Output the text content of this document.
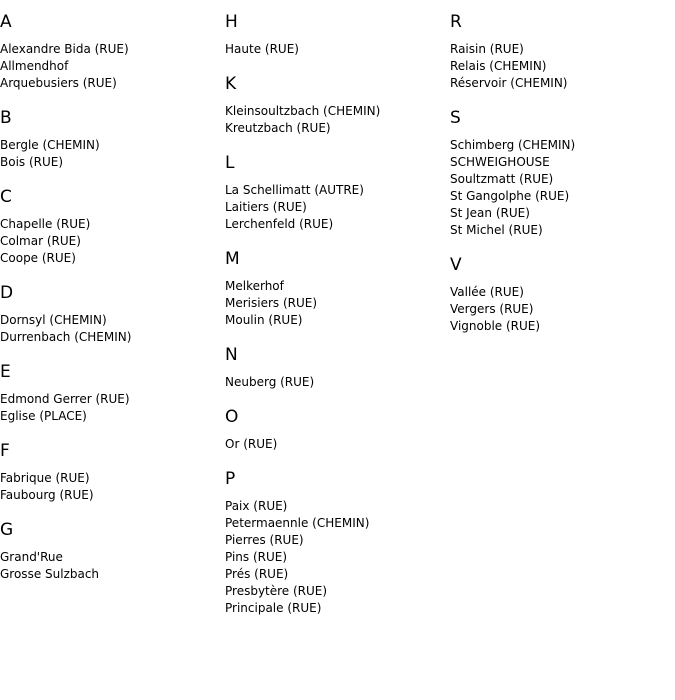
A
Alexandre Bida (RUE)
Allmendhof
Arquebusiers (RUE)
B
Bergle (CHEMIN)
Bois (RUE)
C
Chapelle (RUE)
Colmar (RUE)
Coope (RUE)
D
Dornsyl (CHEMIN)
Durrenbach (CHEMIN)
E
Edmond Gerrer (RUE)
Eglise (PLACE)
F
Fabrique (RUE)
Faubourg (RUE)
G
Grand'Rue
Grosse Sulzbach
H
Haute (RUE)
K
Kleinsoultzbach (CHEMIN)
Kreutzbach (RUE)
L
La Schellimatt (AUTRE)
Laitiers (RUE)
Lerchenfeld (RUE)
M
Melkerhof
Merisiers (RUE)
Moulin (RUE)
N
Neuberg (RUE)
O
Or (RUE)
P
Paix (RUE)
Petermaennle (CHEMIN)
Pierres (RUE)
Pins (RUE)
Prés (RUE)
Presbytère (RUE)
Principale (RUE)
R
Raisin (RUE)
Relais (CHEMIN)
Réservoir (CHEMIN)
S
Schimberg (CHEMIN)
SCHWEIGHOUSE
Soultzmatt (RUE)
St Gangolphe (RUE)
St Jean (RUE)
St Michel (RUE)
V
Vallée (RUE)
Vergers (RUE)
Vignoble (RUE)
